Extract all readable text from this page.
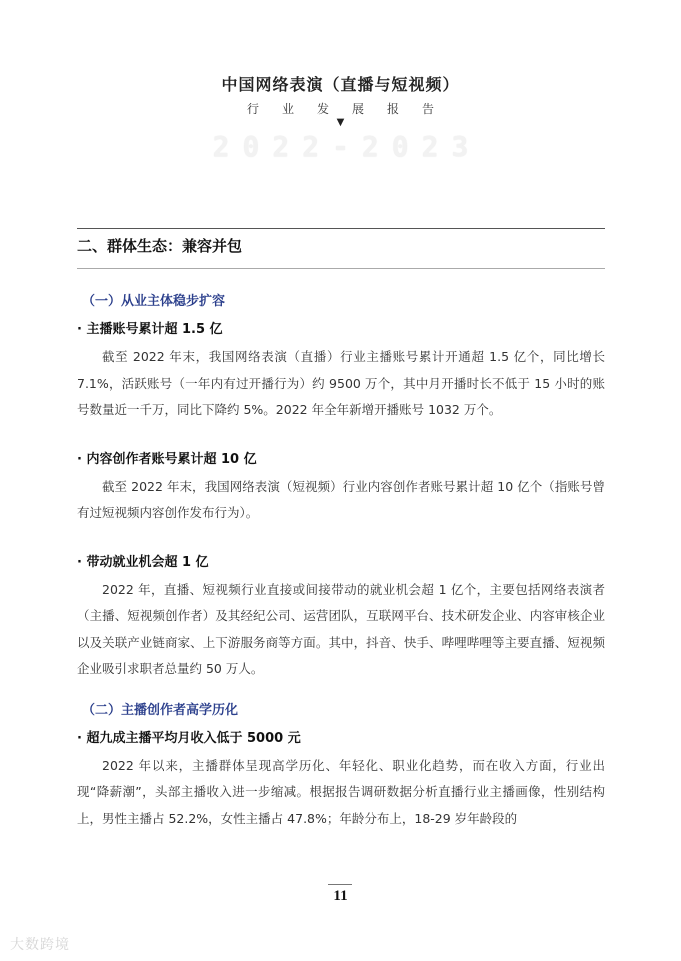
中国网络表演（直播与短视频）
行业发展报告
▼
2022-2023
二、群体生态：兼容并包
（一）从业主体稳步扩容
· 主播账号累计超 1.5 亿

截至 2022 年末，我国网络表演（直播）行业主播账号累计开通超 1.5 亿个，同比增长 7.1%，活跃账号（一年内有过开播行为）约 9500 万个，其中月开播时长不低于 15 小时的账号数量近一千万，同比下降约 5%。2022 年全年新增开播账号 1032 万个。

· 内容创作者账号累计超 10 亿

截至 2022 年末，我国网络表演（短视频）行业内容创作者账号累计超 10 亿个（指账号曾有过短视频内容创作发布行为）。

· 带动就业机会超 1 亿

2022 年，直播、短视频行业直接或间接带动的就业机会超 1 亿个，主要包括网络表演者（主播、短视频创作者）及其经纪公司、运营团队，互联网平台、技术研发企业、内容审核企业以及关联产业链商家、上下游服务商等方面。其中，抖音、快手、哔哩哔哩等主要直播、短视频企业吸引求职者总量约 50 万人。

（二）主播创作者高学历化
· 超九成主播平均月收入低于 5000 元

2022 年以来，主播群体呈现高学历化、年轻化、职业化趋势，而在收入方面，行业出现“降薪潮”，头部主播收入进一步缩减。根据报告调研数据分析直播行业主播画像，性别结构上，男性主播占 52.2%，女性主播占 47.8%；年龄分布上，18-29 岁年龄段的

11
大数跨境
